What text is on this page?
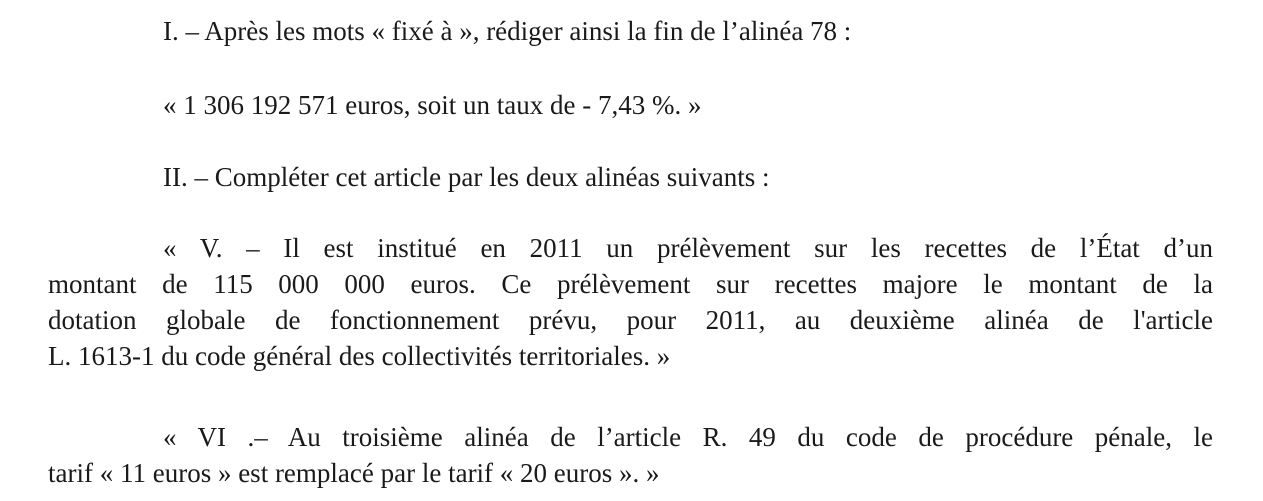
I. – Après les mots « fixé à », rédiger ainsi la fin de l’alinéa 78 :

« 1 306 192 571 euros, soit un taux de - 7,43 %. »

II. – Compléter cet article par les deux alinéas suivants :

« V. – Il est institué en 2011 un prélèvement sur les recettes de l’État d’un
montant de 115 000 000 euros. Ce prélèvement sur recettes majore le montant de la
dotation globale de fonctionnement prévu, pour 2011, au deuxième alinéa de l'article
L. 1613-1 du code général des collectivités territoriales. »
« VI .– Au troisième alinéa de l’article R. 49 du code de procédure pénale, le
tarif « 11 euros » est remplacé par le tarif « 20 euros ». »
